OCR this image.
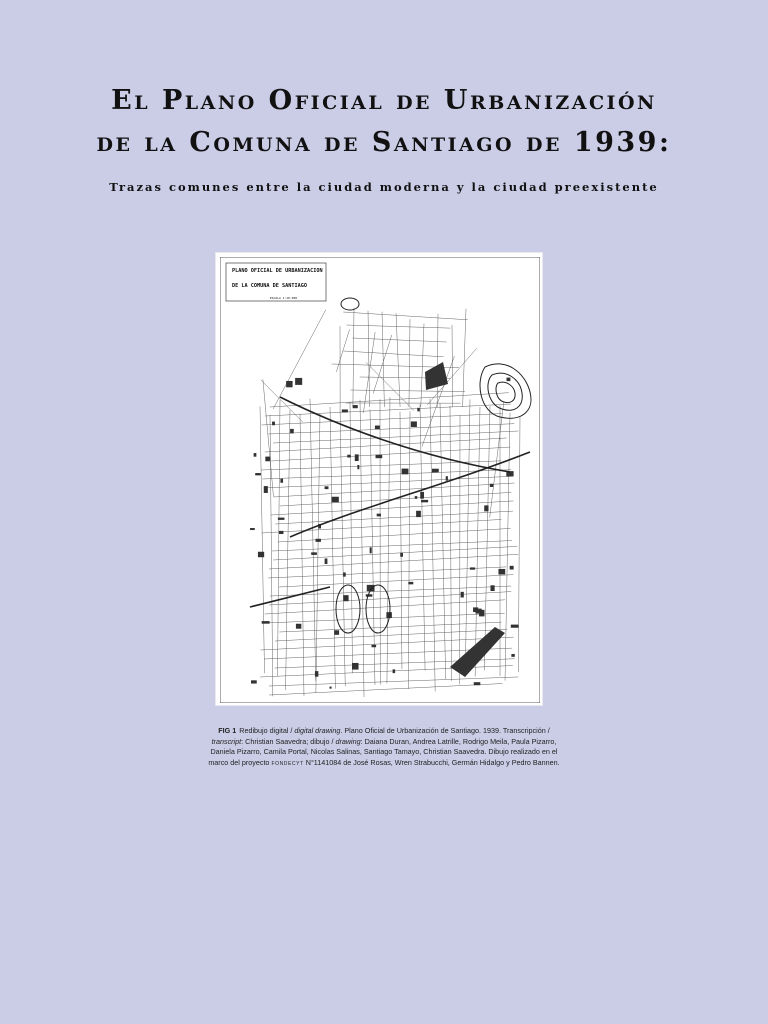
El Plano Oficial de Urbanización
de la Comuna de Santiago de 1939:
Trazas comunes entre la ciudad moderna y la ciudad preexistente
PLANO OFICIAL DE URBANIZACION
DE LA COMUNA DE SANTIAGO
ESCALA 1:10.000
FIG 1 Redibujo digital / digital drawing. Plano Oficial de Urbanización de Santiago. 1939. Transcripción / transcript: Christian Saavedra; dibujo / drawing: Daiana Duran, Andrea Latrille, Rodrigo Meila, Paula Pizarro, Daniela Pizarro, Camila Portal, Nicolas Salinas, Santiago Tamayo, Christian Saavedra. Dibujo realizado en el marco del proyecto fondecyt N°1141084 de José Rosas, Wren Strabucchi, Germán Hidalgo y Pedro Bannen.
